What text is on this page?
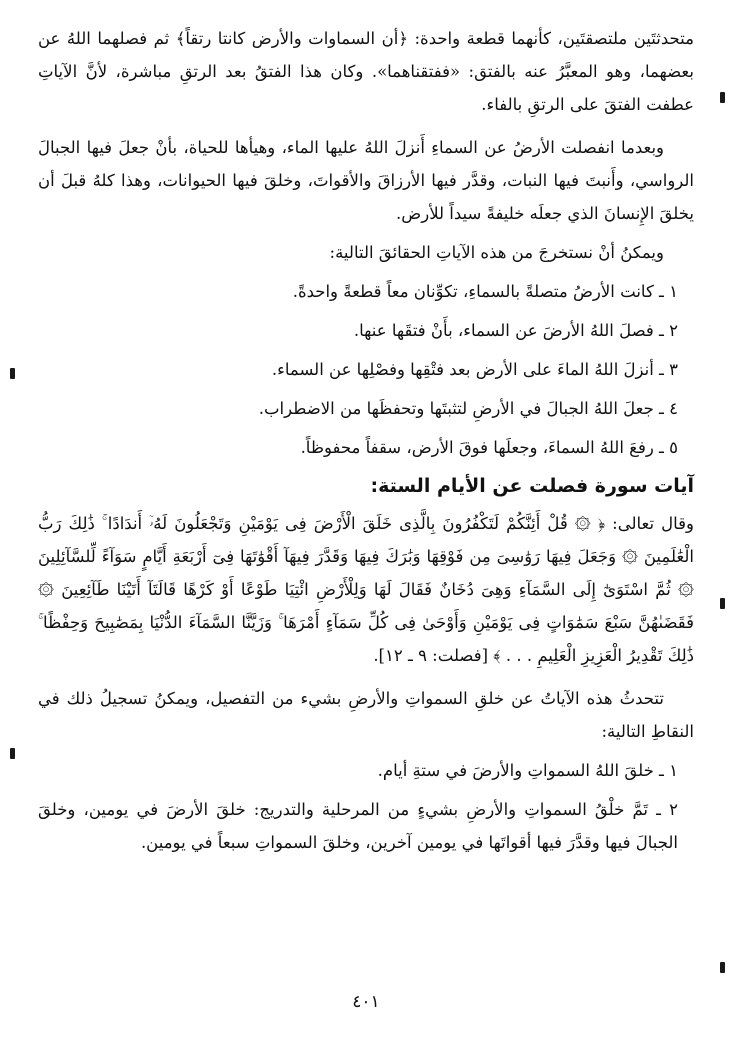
متحدثتَين ملتصقتَين، كأنهما قطعة واحدة: ﴿أن السماوات والأرض كانتا رتقاً﴾ ثم فصلهما اللهُ عن بعضهما، وهو المعبَّرُ عنه بالفتق: «ففتقناهما». وكان هذا الفتقُ بعد الرتقِ مباشرة، لأنَّ الآياتِ عطفت الفتقَ على الرتقِ بالفاء.

وبعدما انفصلت الأرضُ عن السماءِ أَنزلَ اللهُ عليها الماء، وهيأها للحياة، بأنْ جعلَ فيها الجبالَ الرواسي، وأَنبتَ فيها النبات، وقدَّر فيها الأرزاقَ والأقواتَ، وخلقَ فيها الحيوانات، وهذا كلهُ قبلَ أن يخلقَ الإِنسانَ الذي جعلَه خليفةً سيداً للأرض.

ويمكنُ أنْ نستخرجَ من هذه الآياتِ الحقائقَ التالية:

١ ـ كانت الأرضُ متصلةً بالسماءِ، تكوِّنان معاً قطعةً واحدةً.

٢ ـ فصلَ اللهُ الأرضَ عن السماء، بأَنْ فتقَها عنها.

٣ ـ أنزلَ اللهُ الماءَ على الأرض بعد فتْقِها وفصْلِها عن السماء.

٤ ـ جعلَ اللهُ الجبالَ في الأرضِ لتثبتَها وتحفظَها من الاضطراب.

٥ ـ رفعَ اللهُ السماءَ، وجعلَها فوقَ الأرض، سقفاً محفوظاً.

آيات سورة فصلت عن الأيام الستة:

وقال تعالى: ﴿ ۞ قُلْ أَئِنَّكُمْ لَتَكْفُرُونَ بِالَّذِى خَلَقَ الْأَرْضَ فِى يَوْمَيْنِ وَتَجْعَلُونَ لَهُۥٓ أَندَادًا ۚ ذَٰلِكَ رَبُّ الْعَٰلَمِينَ ۞ وَجَعَلَ فِيهَا رَوَٰسِىَ مِن فَوْقِهَا وَبَٰرَكَ فِيهَا وَقَدَّرَ فِيهَآ أَقْوَٰتَهَا فِىٓ أَرْبَعَةِ أَيَّامٍ سَوَآءً لِّلسَّآئِلِينَ ۞ ثُمَّ اسْتَوَىٰٓ إِلَى السَّمَآءِ وَهِىَ دُخَانٌ فَقَالَ لَهَا وَلِلْأَرْضِ ائْتِيَا طَوْعًا أَوْ كَرْهًا قَالَتَآ أَتَيْنَا طَآئِعِينَ ۞ فَقَضَىٰهُنَّ سَبْعَ سَمَٰوَاتٍ فِى يَوْمَيْنِ وَأَوْحَىٰ فِى كُلِّ سَمَآءٍ أَمْرَهَا ۚ وَزَيَّنَّا السَّمَآءَ الدُّنْيَا بِمَصَٰبِيحَ وَحِفْظًا ۚ ذَٰلِكَ تَقْدِيرُ الْعَزِيزِ الْعَلِيمِ . . . ﴾ [فصلت: ٩ ـ ١٢].

تتحدثُ هذه الآياتُ عن خلقِ السمواتِ والأرضِ بشيء من التفصيل، ويمكنُ تسجيلُ ذلك في النقاطِ التالية:

١ ـ خلقَ اللهُ السمواتِ والأرضَ في ستةِ أيام.

٢ ـ تَمَّ خلْقُ السمواتِ والأرضِ بشيءٍ من المرحلية والتدريج: خلقَ الأرضَ في يومين، وخلقَ الجبالَ فيها وقدَّرَ فيها أقواتَها في يومين آخرين، وخلقَ السمواتِ سبعاً في يومين.

٤٠١
